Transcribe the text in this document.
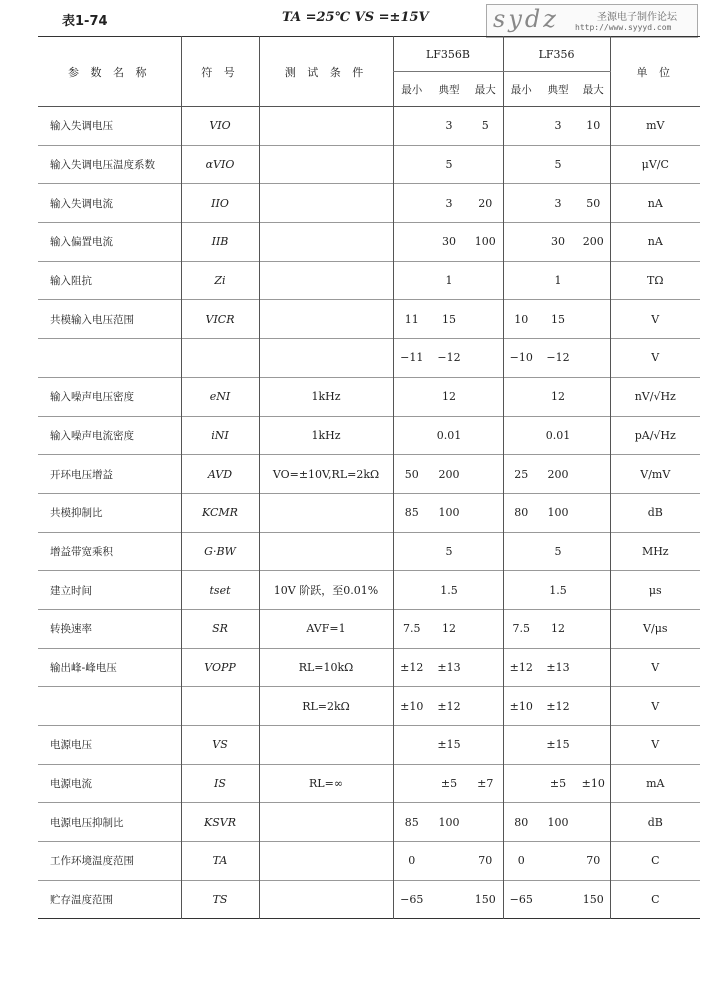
表1-74	TA =25℃ VS =±15V	sydz	圣源电子制作论坛
http://www.syyyd.com
参 数 名 称	符 号	测 试 条 件	LF356B			LF356			单 位
			最小	典型	最大	最小	典型	最大	
输入失调电压	VIO			3	5		3	10	mV
输入失调电压温度系数	αVIO			5			5		μV/C
输入失调电流	IIO			3	20		3	50	nA
输入偏置电流	IIB			30	100		30	200	nA
输入阻抗	Zi			1			1		TΩ
共模输入电压范围	VICR		11	15		10	15		V
			−11	−12		−10	−12		V
输入噪声电压密度	eNI	1kHz		12			12		nV/√Hz
输入噪声电流密度	iNI	1kHz		0.01			0.01		pA/√Hz
开环电压增益	AVD	VO=±10V,RL=2kΩ	50	200		25	200		V/mV
共模抑制比	KCMR		85	100		80	100		dB
增益带宽乘积	G·BW			5			5		MHz
建立时间	tset	10V 阶跃，至0.01%		1.5			1.5		μs
转换速率	SR	AVF=1	7.5	12		7.5	12		V/μs
输出峰-峰电压	VOPP	RL=10kΩ	±12	±13		±12	±13		V
		RL=2kΩ	±10	±12		±10	±12		V
电源电压	VS			±15			±15		V
电源电流	IS	RL=∞		±5	±7		±5	±10	mA
电源电压抑制比	KSVR		85	100		80	100		dB
工作环境温度范围	TA		0		70	0		70	C
贮存温度范围	TS		−65		150	−65		150	C
